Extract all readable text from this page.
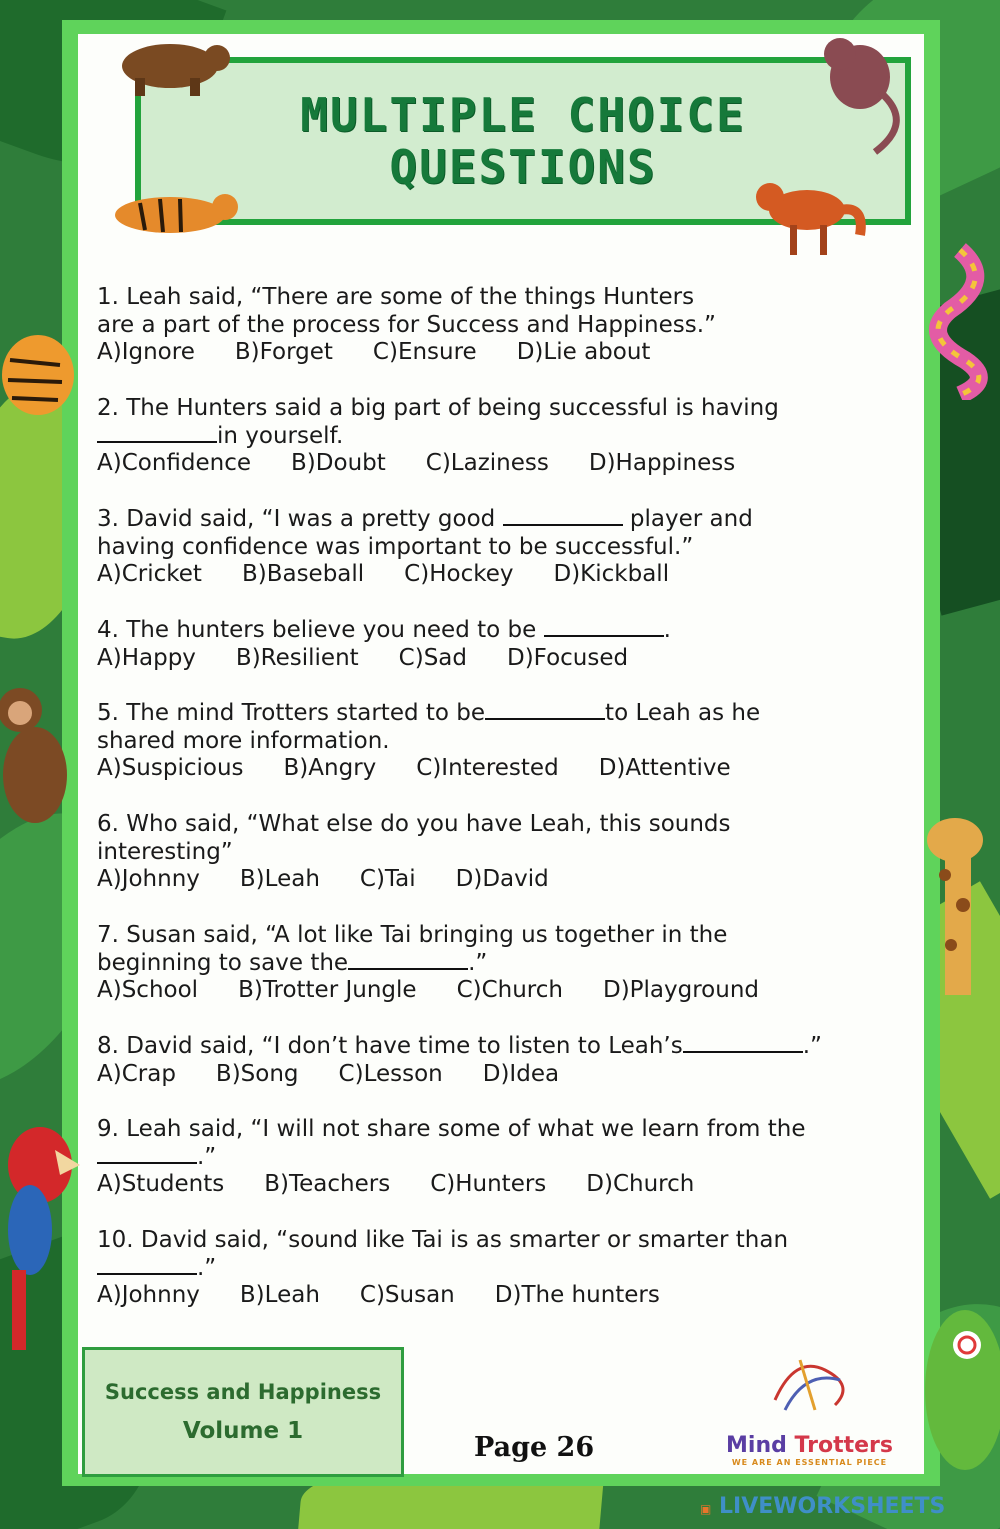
MULTIPLE CHOICE
QUESTIONS
1. Leah said, “There are some of the things Hunters
are a part of the process for Success and Happiness.”
A)Ignore B)Forget C)Ensure D)Lie about
2. The Hunters said a big part of being successful is having
in yourself.
A)Confidence B)Doubt C)Laziness D)Happiness
3. David said, “I was a pretty good	player and
having confidence was important to be successful.”
A)Cricket B)Baseball C)Hockey D)Kickball
4. The hunters believe you need to be	.
A)Happy B)Resilient C)Sad D)Focused
5. The mind Trotters started to be	to Leah as he
shared more information.
A)Suspicious B)Angry C)Interested D)Attentive
6. Who said, “What else do you have Leah, this sounds
interesting”
A)Johnny B)Leah C)Tai D)David
7. Susan said, “A lot like Tai bringing us together in the
beginning to save the	.”
A)School B)Trotter Jungle C)Church D)Playground
8. David said, “I don’t have time to listen to Leah’s	.”
A)Crap B)Song C)Lesson D)Idea
9. Leah said, “I will not share some of what we learn from the
.”
A)Students B)Teachers C)Hunters D)Church
10. David said, “sound like Tai is as smarter or smarter than
.”
A)Johnny B)Leah C)Susan D)The hunters
Success and Happiness
Volume 1
Page 26	Mind Trotters
WE ARE AN ESSENTIAL PIECE
▣ LIVEWORKSHEETS
